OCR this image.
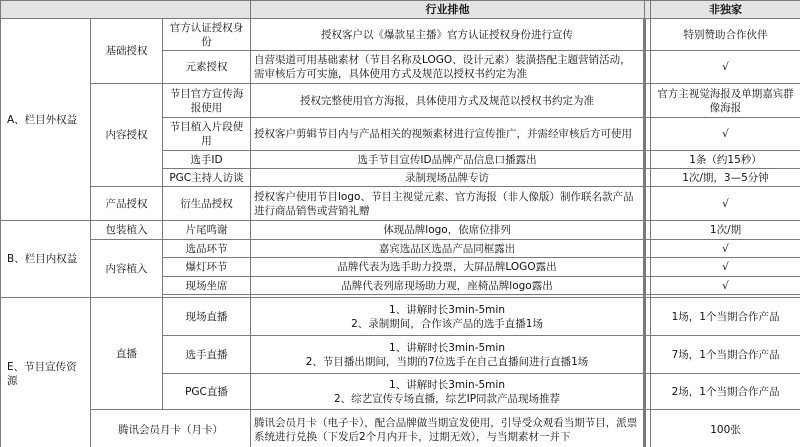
			行业排他		非独家
A、栏目外权益	基础授权	官方认证授权身份	授权客户以《爆款星主播》官方认证授权身份进行宣传		特别赞助合作伙伴
		元素授权	自营渠道可用基础素材（节目名称及LOGO、设计元素）装潢搭配主题营销活动，需审核后方可实施，具体使用方式及规范以授权书约定为准		√
	内容授权	节目官方宣传海报使用	授权完整使用官方海报，具体使用方式及规范以授权书约定为准		官方主视觉海报及单期嘉宾群像海报
		节目植入片段使用	授权客户剪辑节目内与产品相关的视频素材进行宣传推广，并需经审核后方可使用		√
		选手ID	选手节目宣传ID品牌产品信息口播露出		1条（约15秒）
		PGC主持人访谈	录制现场品牌专访		1次/期，3—5分钟
	产品授权	衍生品授权	授权客户使用节目logo、节目主视觉元素、官方海报（非人像版）制作联名款产品进行商品销售或营销礼赠		√
B、栏目内权益	包装植入	片尾鸣谢	体现品牌logo，依席位排列		1次/期
	内容植入	选品环节	嘉宾选品区选品产品同框露出		√
		爆灯环节	品牌代表为选手助力投票，大屏品牌LOGO露出		√
		现场坐席	品牌代表列席现场助力观，座椅品牌logo露出		√

E、节目宣传资源	直播	现场直播	1、讲解时长3min-5min
2、录制期间，合作该产品的选手直播1场		1场，1个当期合作产品
		选手直播	1、讲解时长3min-5min
2、节目播出期间，当期的7位选手在自己直播间进行直播1场		7场，1个当期合作产品
		PGC直播	1、讲解时长3min-5min
2、综艺宣传专场直播，综艺IP同款产品现场推荐		2场，1个当期合作产品
	腾讯会员月卡（月卡）		腾讯会员月卡（电子卡），配合品牌做当期宣发使用，引导受众观看当期节目，派票系统进行兑换（下发后2个月内开卡，过期无效），与当期素材一并下		100张
